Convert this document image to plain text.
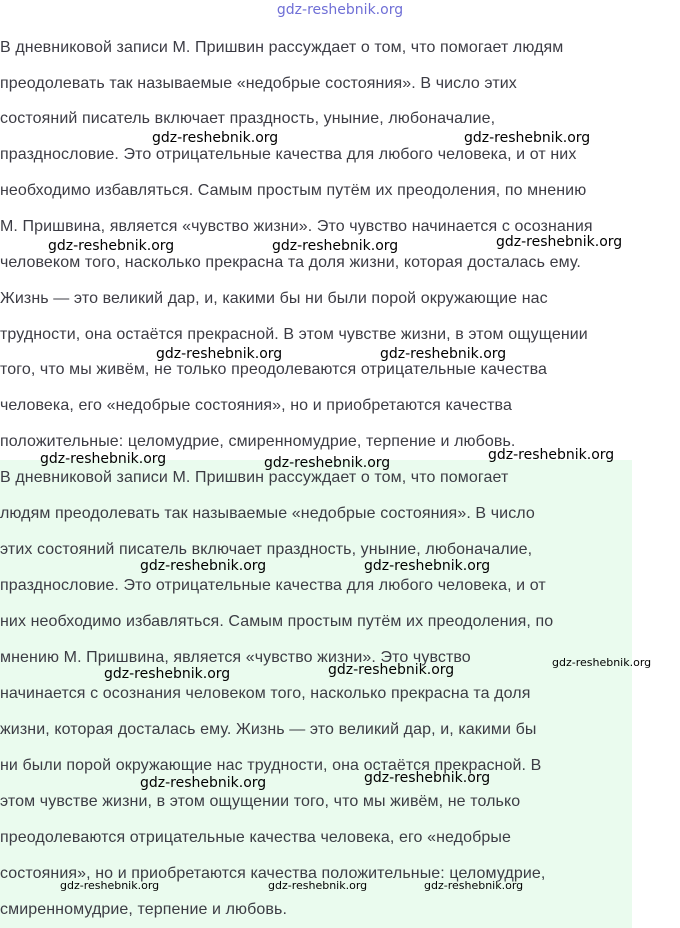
gdz-reshebnik.org
В дневниковой записи М. Пришвин рассуждает о том, что помогает людям
преодолевать так называемые «недобрые состояния». В число этих
состояний писатель включает праздность, уныние, любоначалие,
празднословие. Это отрицательные качества для любого человека, и от них
необходимо избавляться. Самым простым путём их преодоления, по мнению
М. Пришвина, является «чувство жизни». Это чувство начинается с осознания
человеком того, насколько прекрасна та доля жизни, которая досталась ему.
Жизнь — это великий дар, и, какими бы ни были порой окружающие нас
трудности, она остаётся прекрасной. В этом чувстве жизни, в этом ощущении
того, что мы живём, не только преодолеваются отрицательные качества
человека, его «недобрые состояния», но и приобретаются качества
положительные: целомудрие, смиренномудрие, терпение и любовь.
В дневниковой записи М. Пришвин рассуждает о том, что помогает
людям преодолевать так называемые «недобрые состояния». В число
этих состояний писатель включает праздность, уныние, любоначалие,
празднословие. Это отрицательные качества для любого человека, и от
них необходимо избавляться. Самым простым путём их преодоления, по
мнению М. Пришвина, является «чувство жизни». Это чувство
начинается с осознания человеком того, насколько прекрасна та доля
жизни, которая досталась ему. Жизнь — это великий дар, и, какими бы
ни были порой окружающие нас трудности, она остаётся прекрасной. В
этом чувстве жизни, в этом ощущении того, что мы живём, не только
преодолеваются отрицательные качества человека, его «недобрые
состояния», но и приобретаются качества положительные: целомудрие,
смиренномудрие, терпение и любовь.
gdz-reshebnik.org	gdz-reshebnik.org
gdz-reshebnik.org	gdz-reshebnik.org	gdz-reshebnik.org
gdz-reshebnik.org	gdz-reshebnik.org
gdz-reshebnik.org	gdz-reshebnik.org	gdz-reshebnik.org
gdz-reshebnik.org	gdz-reshebnik.org
gdz-reshebnik.org
gdz-reshebnik.org	gdz-reshebnik.org
gdz-reshebnik.org	gdz-reshebnik.org
gdz-reshebnik.org	gdz-reshebnik.org	gdz-reshebnik.org
